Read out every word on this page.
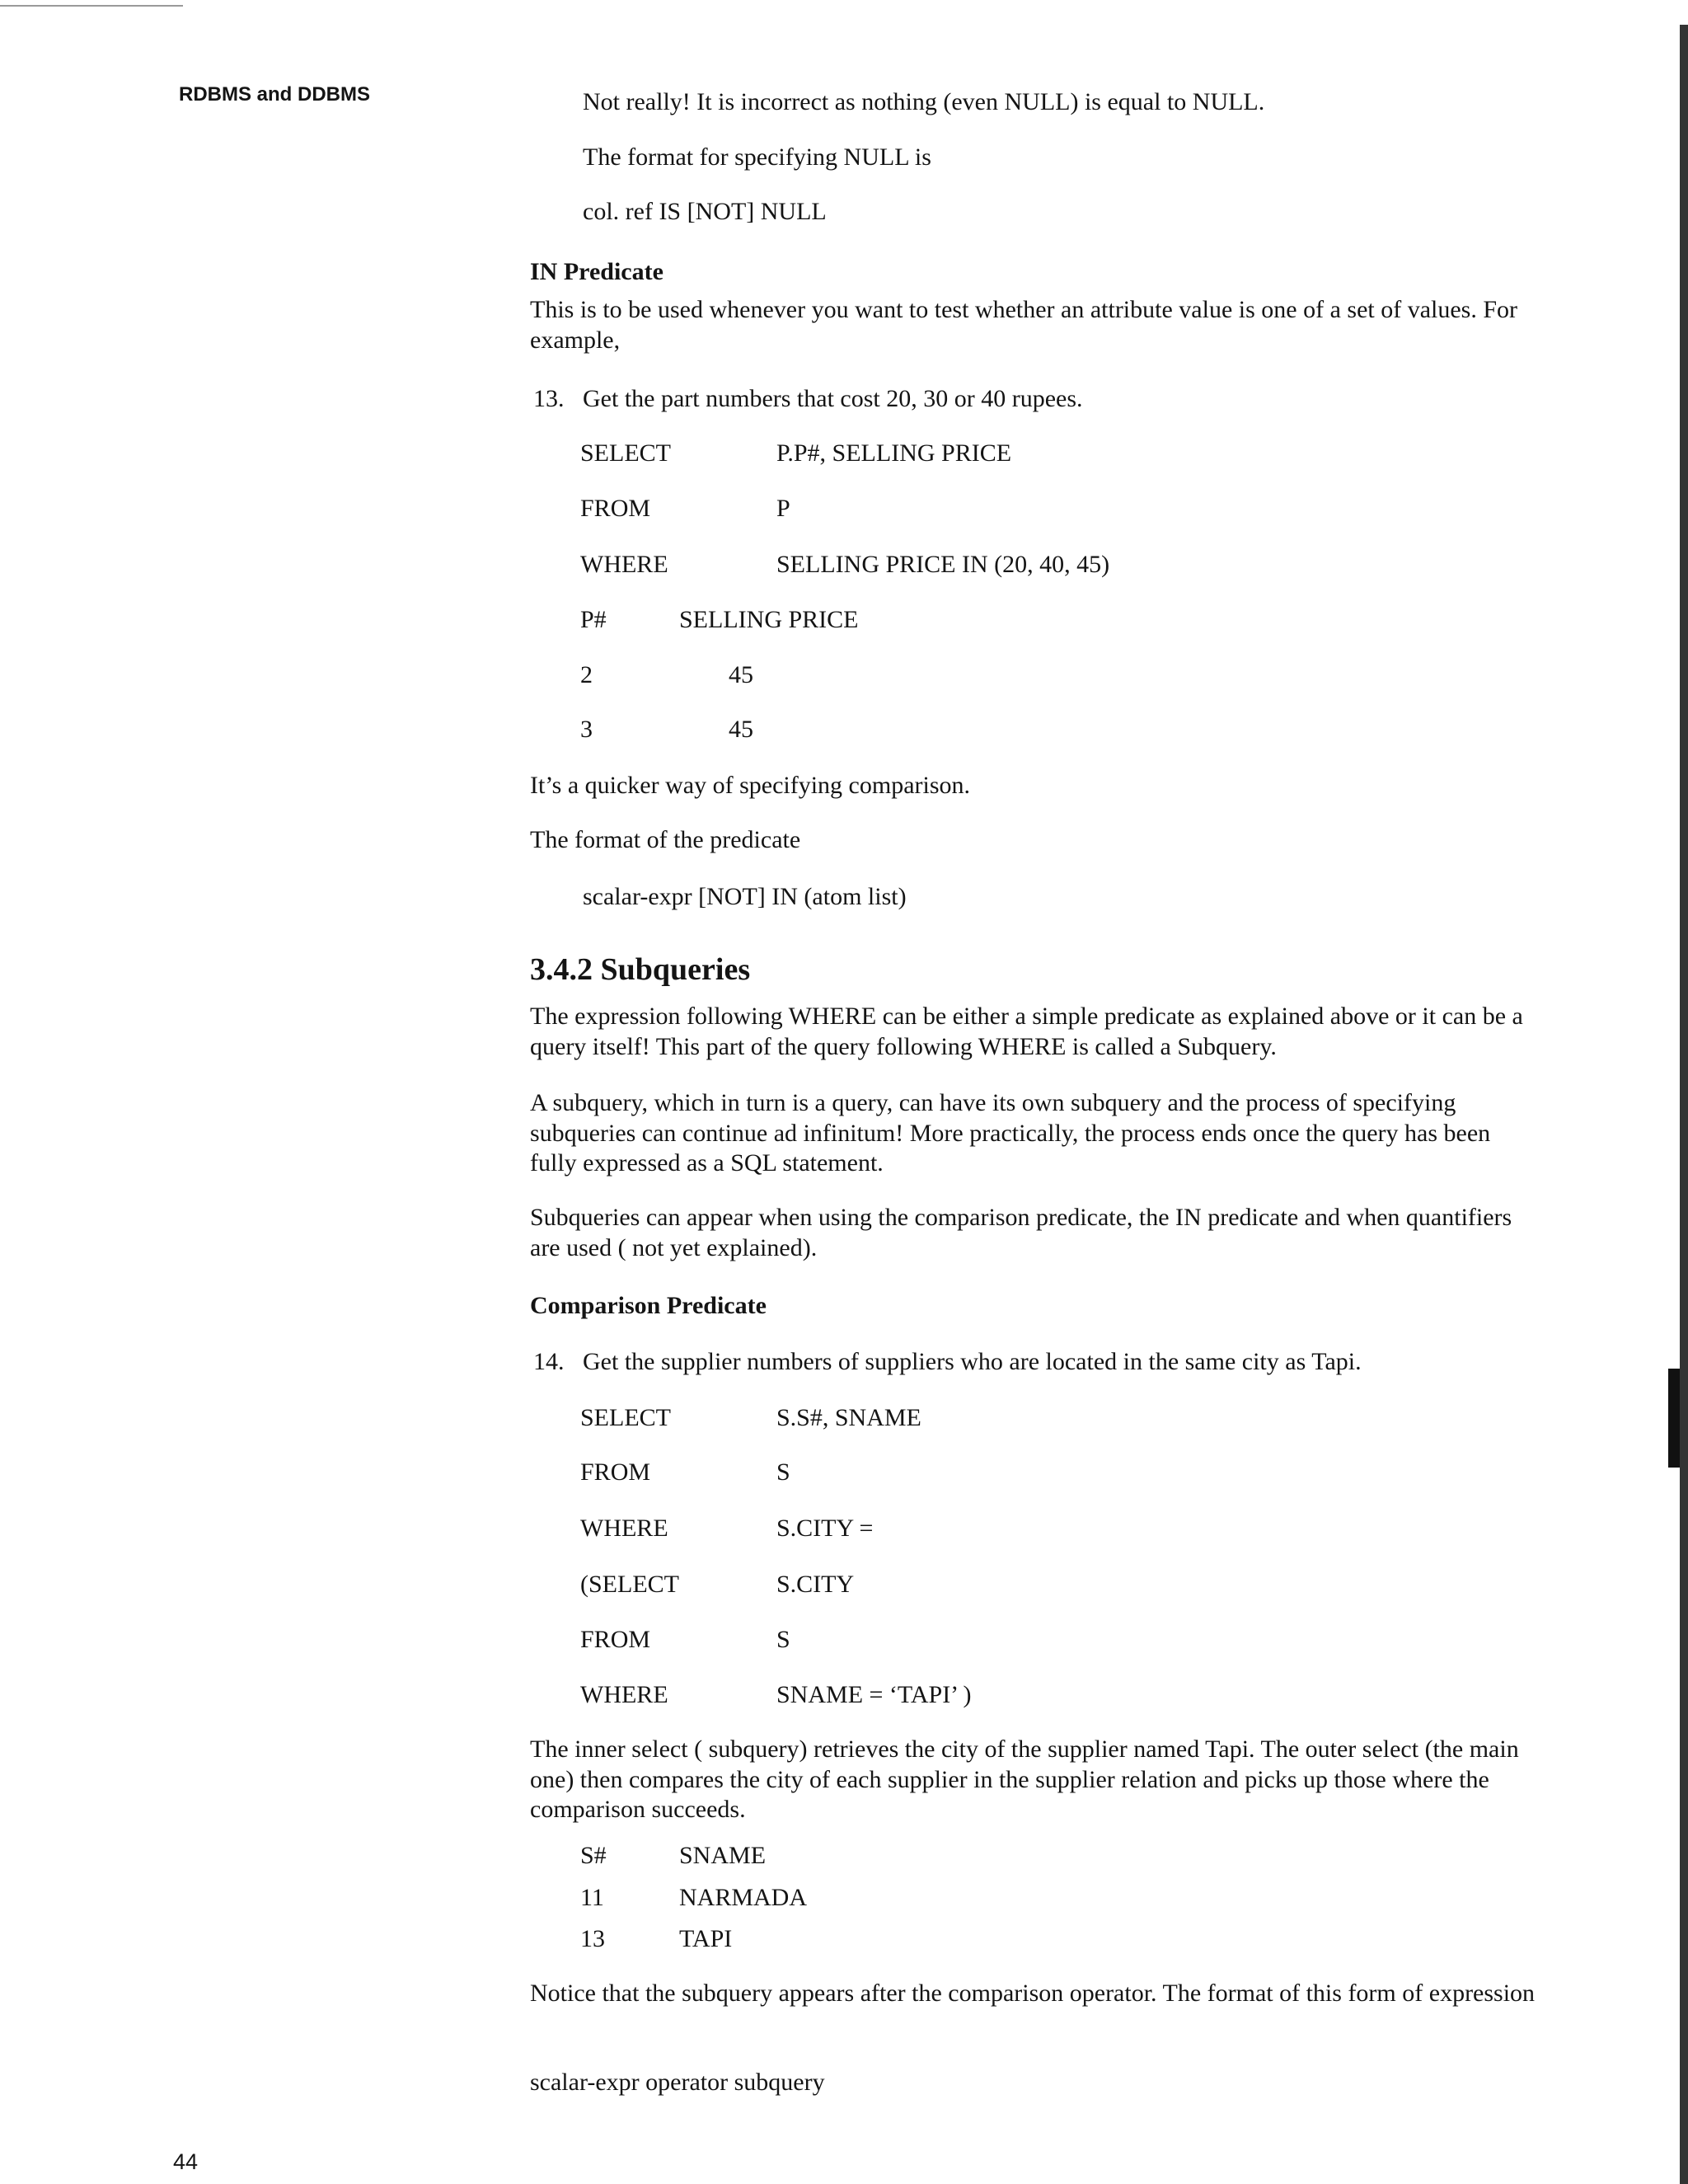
RDBMS and DDBMS	Not really! It is incorrect as nothing (even NULL) is equal to NULL.
The format for specifying NULL is
col. ref IS [NOT] NULL
IN Predicate
This is to be used whenever you want to test whether an attribute value is one of a set of values. For example,
13. Get the part numbers that cost 20, 30 or 40 rupees.
SELECT	P.P#, SELLING PRICE
FROM	P
WHERE	SELLING PRICE IN (20, 40, 45)
P#	SELLING PRICE
2	45
3	45
It’s a quicker way of specifying comparison.
The format of the predicate
scalar-expr [NOT] IN (atom list)
3.4.2 Subqueries
The expression following WHERE can be either a simple predicate as explained above or it can be a query itself! This part of the query following WHERE is called a Subquery.
A subquery, which in turn is a query, can have its own subquery and the process of specifying subqueries can continue ad infinitum! More practically, the process ends once the query has been fully expressed as a SQL statement.
Subqueries can appear when using the comparison predicate, the IN predicate and when quantifiers are used ( not yet explained).
Comparison Predicate
14. Get the supplier numbers of suppliers who are located in the same city as Tapi.
SELECT	S.S#, SNAME
FROM	S
WHERE	S.CITY =
(SELECT	S.CITY
FROM	S
WHERE	SNAME = ‘TAPI’ )
The inner select ( subquery) retrieves the city of the supplier named Tapi. The outer select (the main one) then compares the city of each supplier in the supplier relation and picks up those where the comparison succeeds.
S#	SNAME
11	NARMADA
13	TAPI
Notice that the subquery appears after the comparison operator. The format of this form of expression
scalar-expr operator subquery
44
